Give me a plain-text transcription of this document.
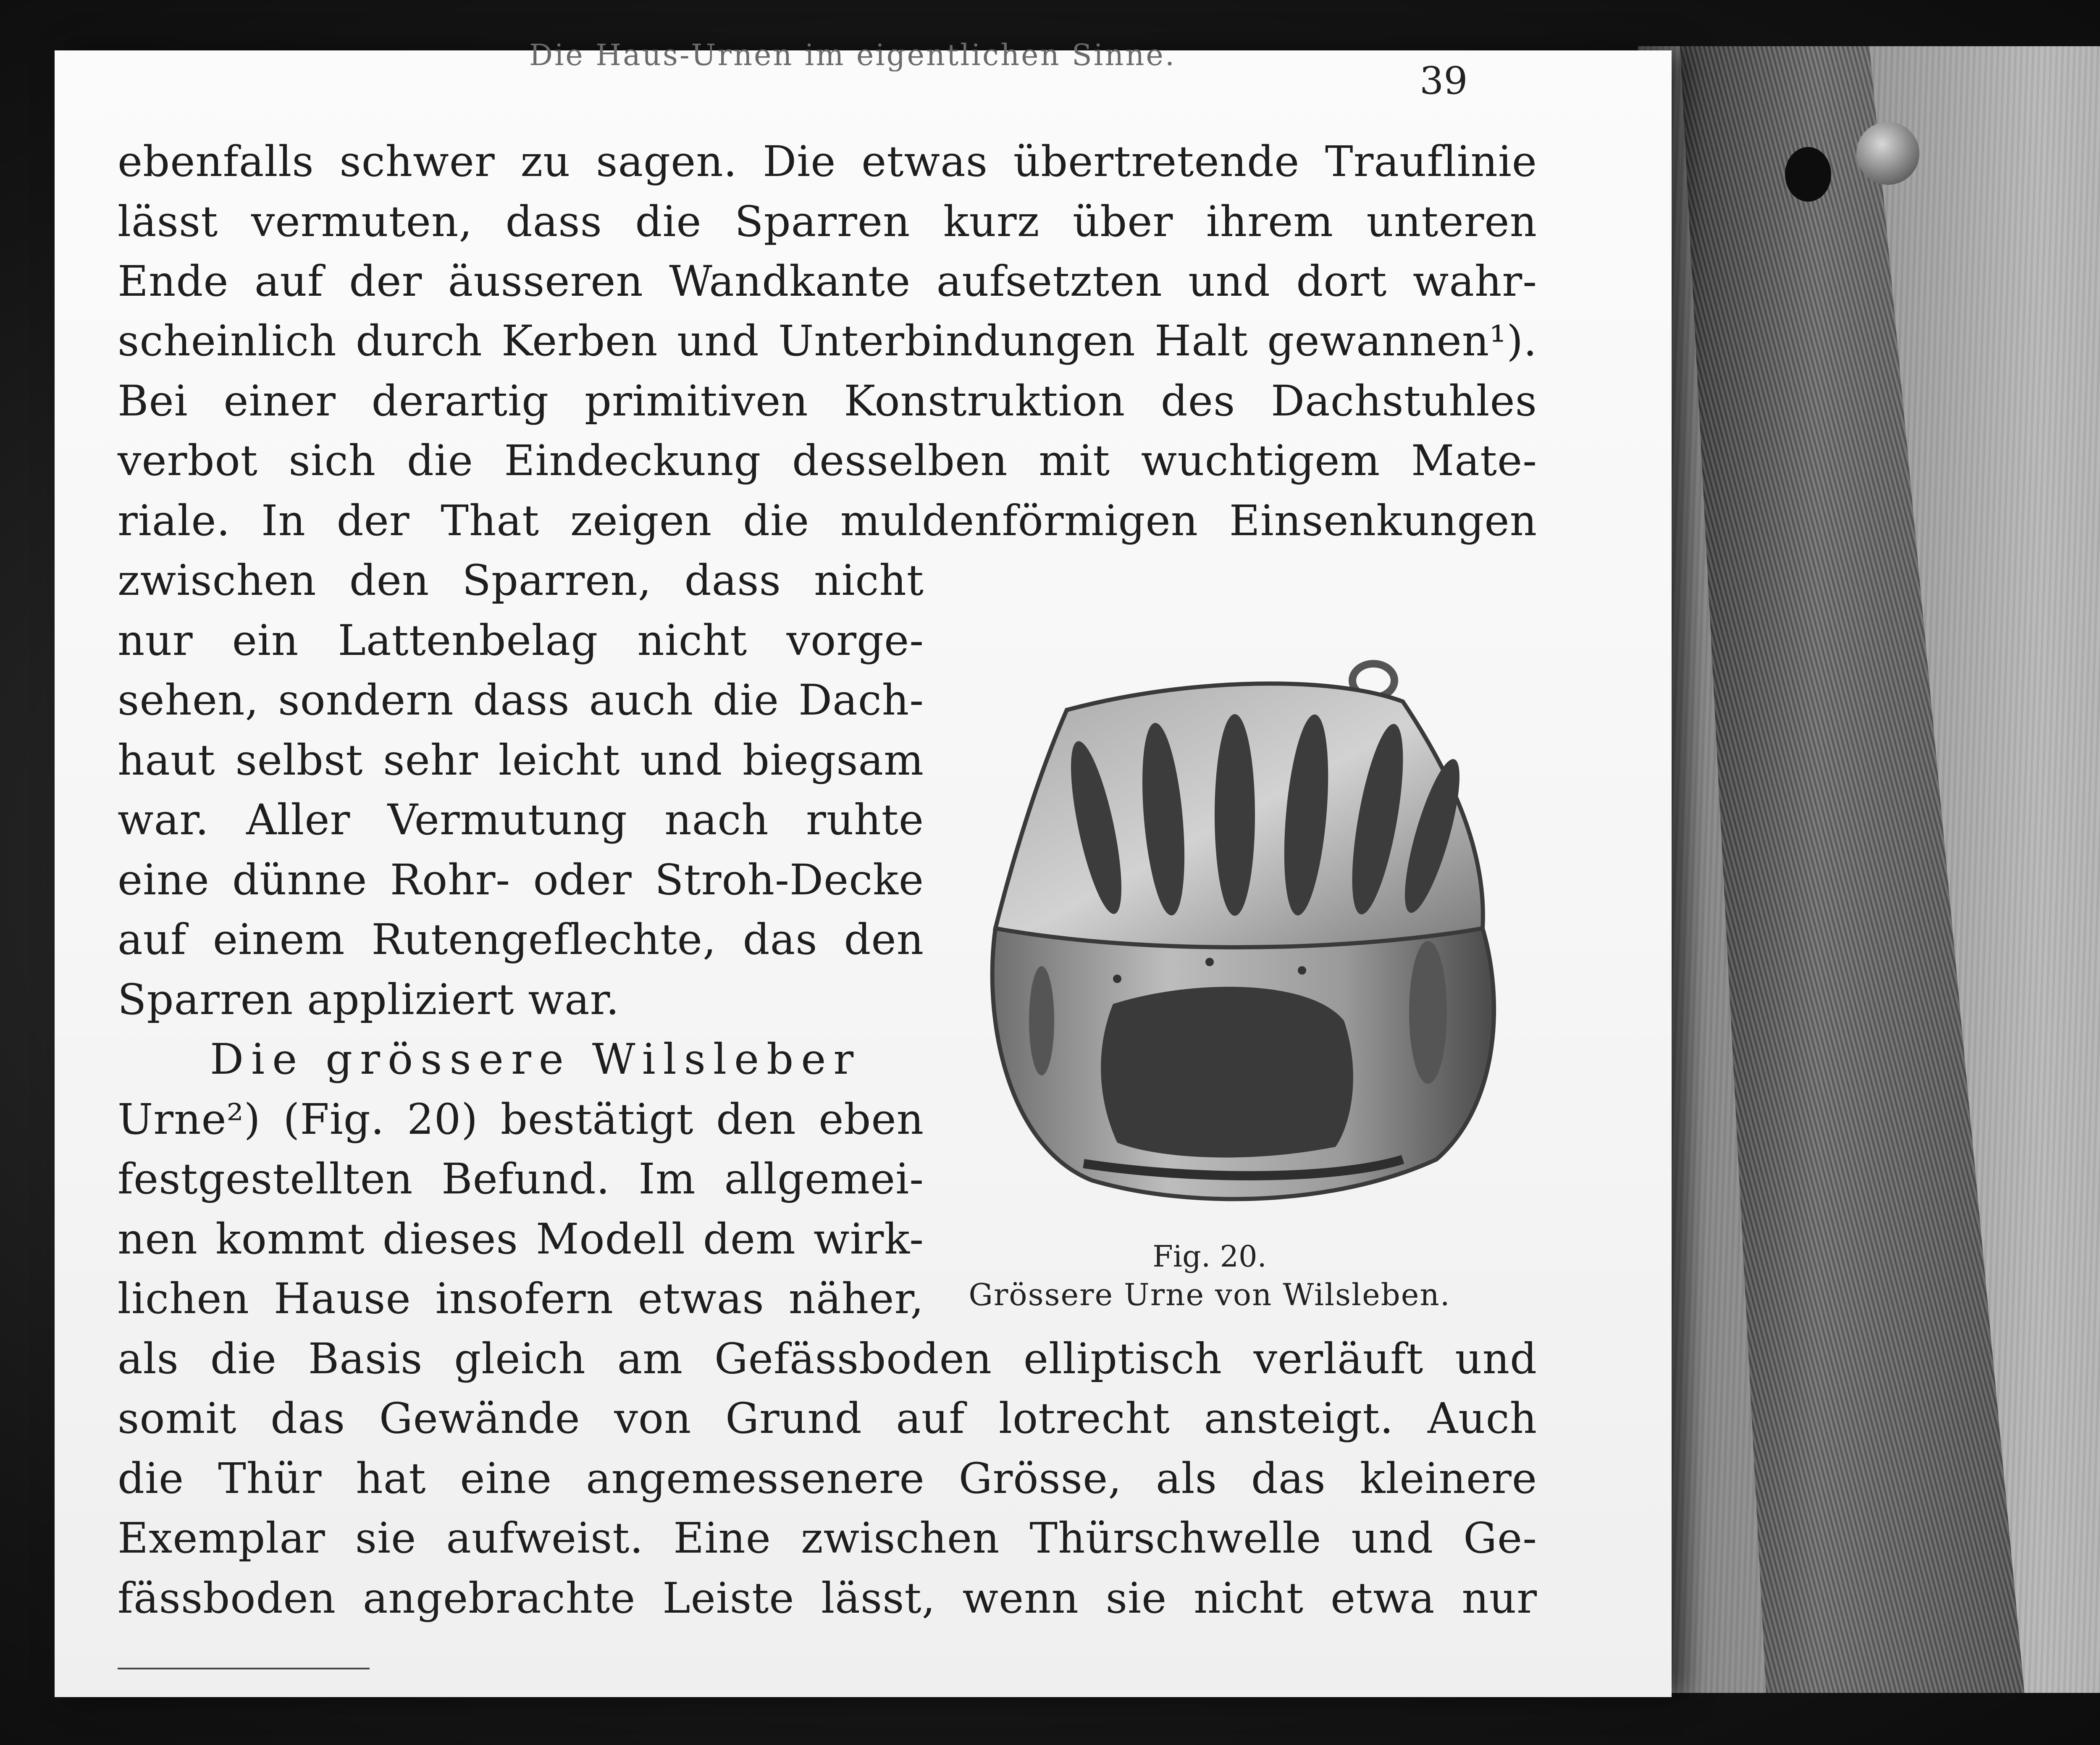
Die Haus-Urnen im eigentlichen Sinne.
39
ebenfalls schwer zu sagen. Die etwas übertretende Trauflinie
lässt vermuten, dass die Sparren kurz über ihrem unteren
Ende auf der äusseren Wandkante aufsetzten und dort wahr-
scheinlich durch Kerben und Unterbindungen Halt gewannen¹).
Bei einer derartig primitiven Konstruktion des Dachstuhles
verbot sich die Eindeckung desselben mit wuchtigem Mate-
riale. In der That zeigen die muldenförmigen Einsenkungen
zwischen den Sparren, dass nicht
nur ein Lattenbelag nicht vorge-
sehen, sondern dass auch die Dach-
haut selbst sehr leicht und biegsam
war. Aller Vermutung nach ruhte
eine dünne Rohr- oder Stroh-Decke
auf einem Rutengeflechte, das den
Sparren appliziert war.
Die grössere Wilsleber
Urne²) (Fig. 20) bestätigt den eben
festgestellten Befund. Im allgemei-
nen kommt dieses Modell dem wirk-
lichen Hause insofern etwas näher,
als die Basis gleich am Gefässboden elliptisch verläuft und
somit das Gewände von Grund auf lotrecht ansteigt. Auch
die Thür hat eine angemessenere Grösse, als das kleinere
Exemplar sie aufweist. Eine zwischen Thürschwelle und Ge-
fässboden angebrachte Leiste lässt, wenn sie nicht etwa nur
Fig. 20.
Grössere Urne von Wilsleben.
